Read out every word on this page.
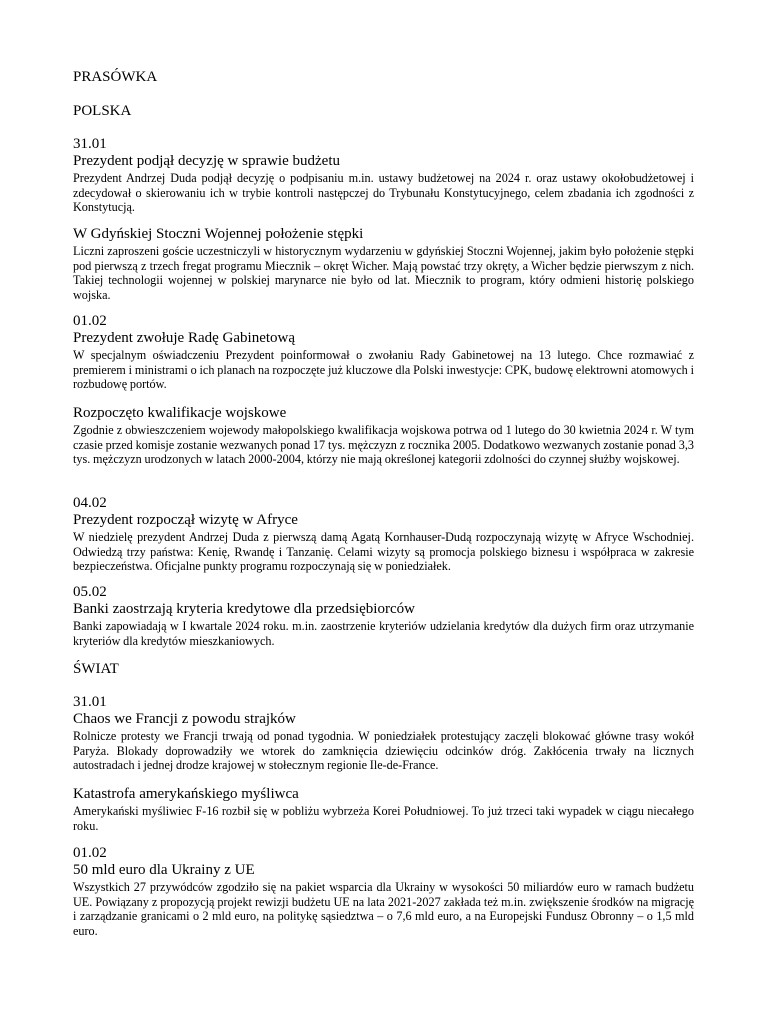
PRASÓWKA
POLSKA
31.01
Prezydent podjął decyzję w sprawie budżetu

Prezydent Andrzej Duda podjął decyzję o podpisaniu m.in. ustawy budżetowej na 2024 r. oraz ustawy okołobudżetowej i zdecydował o skierowaniu ich w trybie kontroli następczej do Trybunału Konstytucyjnego, celem zbadania ich zgodności z Konstytucją.

W Gdyńskiej Stoczni Wojennej położenie stępki

Liczni zaproszeni goście uczestniczyli w historycznym wydarzeniu w gdyńskiej Stoczni Wojennej, jakim było położenie stępki pod pierwszą z trzech fregat programu Miecznik – okręt Wicher. Mają powstać trzy okręty, a Wicher będzie pierwszym z nich. Takiej technologii wojennej w polskiej marynarce nie było od lat. Miecznik to program, który odmieni historię polskiego wojska.

01.02
Prezydent zwołuje Radę Gabinetową

W specjalnym oświadczeniu Prezydent poinformował o zwołaniu Rady Gabinetowej na 13 lutego. Chce rozmawiać z premierem i ministrami o ich planach na rozpoczęte już kluczowe dla Polski inwestycje: CPK, budowę elektrowni atomowych i rozbudowę portów.

Rozpoczęto kwalifikacje wojskowe

Zgodnie z obwieszczeniem wojewody małopolskiego kwalifikacja wojskowa potrwa od 1 lutego do 30 kwietnia 2024 r. W tym czasie przed komisje zostanie wezwanych ponad 17 tys. mężczyzn z rocznika 2005. Dodatkowo wezwanych zostanie ponad 3,3 tys. mężczyzn urodzonych w latach 2000-2004, którzy nie mają określonej kategorii zdolności do czynnej służby wojskowej.

04.02
Prezydent rozpoczął wizytę w Afryce

W niedzielę prezydent Andrzej Duda z pierwszą damą Agatą Kornhauser-Dudą rozpoczynają wizytę w Afryce Wschodniej. Odwiedzą trzy państwa: Kenię, Rwandę i Tanzanię. Celami wizyty są promocja polskiego biznesu i współpraca w zakresie bezpieczeństwa. Oficjalne punkty programu rozpoczynają się w poniedziałek.

05.02
Banki zaostrzają kryteria kredytowe dla przedsiębiorców

Banki zapowiadają w I kwartale 2024 roku. m.in. zaostrzenie kryteriów udzielania kredytów dla dużych firm oraz utrzymanie kryteriów dla kredytów mieszkaniowych.

ŚWIAT
31.01
Chaos we Francji z powodu strajków

Rolnicze protesty we Francji trwają od ponad tygodnia. W poniedziałek protestujący zaczęli blokować główne trasy wokół Paryża. Blokady doprowadziły we wtorek do zamknięcia dziewięciu odcinków dróg. Zakłócenia trwały na licznych autostradach i jednej drodze krajowej w stołecznym regionie Ile-de-France.

Katastrofa amerykańskiego myśliwca

Amerykański myśliwiec F-16 rozbił się w pobliżu wybrzeża Korei Południowej. To już trzeci taki wypadek w ciągu niecałego roku.

01.02
50 mld euro dla Ukrainy z UE

Wszystkich 27 przywódców zgodziło się na pakiet wsparcia dla Ukrainy w wysokości 50 miliardów euro w ramach budżetu UE. Powiązany z propozycją projekt rewizji budżetu UE na lata 2021-2027 zakłada też m.in. zwiększenie środków na migrację i zarządzanie granicami o 2 mld euro, na politykę sąsiedztwa – o 7,6 mld euro, a na Europejski Fundusz Obronny – o 1,5 mld euro.
